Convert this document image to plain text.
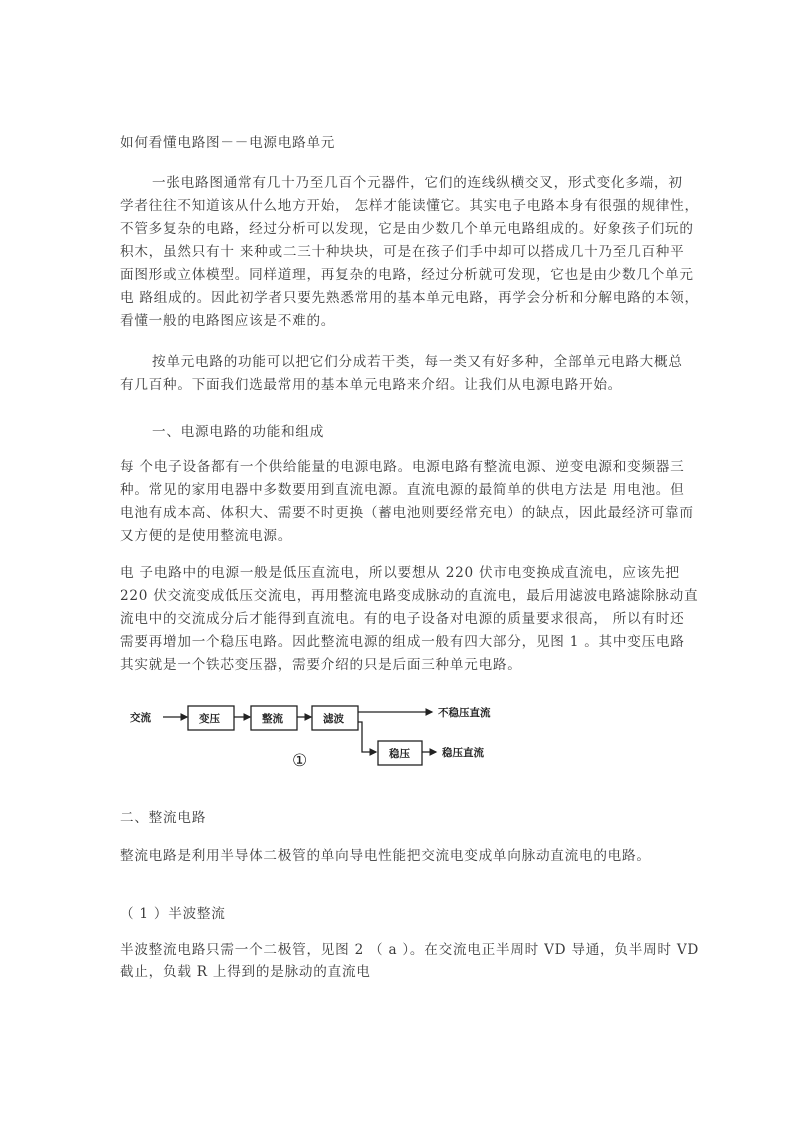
如何看懂电路图－－电源电路单元
一张电路图通常有几十乃至几百个元器件，它们的连线纵横交叉，形式变化多端，初
学者往往不知道该从什么地方开始， 怎样才能读懂它。其实电子电路本身有很强的规律性，
不管多复杂的电路，经过分析可以发现，它是由少数几个单元电路组成的。好象孩子们玩的
积木，虽然只有十 来种或二三十种块块，可是在孩子们手中却可以搭成几十乃至几百种平
面图形或立体模型。同样道理，再复杂的电路，经过分析就可发现，它也是由少数几个单元
电 路组成的。因此初学者只要先熟悉常用的基本单元电路，再学会分析和分解电路的本领，
看懂一般的电路图应该是不难的。
按单元电路的功能可以把它们分成若干类，每一类又有好多种，全部单元电路大概总
有几百种。下面我们选最常用的基本单元电路来介绍。让我们从电源电路开始。
一、电源电路的功能和组成
每 个电子设备都有一个供给能量的电源电路。电源电路有整流电源、逆变电源和变频器三
种。常见的家用电器中多数要用到直流电源。直流电源的最简单的供电方法是 用电池。但
电池有成本高、体积大、需要不时更换（蓄电池则要经常充电）的缺点，因此最经济可靠而
又方便的是使用整流电源。
电 子电路中的电源一般是低压直流电，所以要想从 220 伏市电变换成直流电，应该先把
220 伏交流变成低压交流电，再用整流电路变成脉动的直流电，最后用滤波电路滤除脉动直
流电中的交流成分后才能得到直流电。有的电子设备对电源的质量要求很高， 所以有时还
需要再增加一个稳压电路。因此整流电源的组成一般有四大部分，见图 1 。其中变压电路
其实就是一个铁芯变压器，需要介绍的只是后面三种单元电路。
交流	变压	整流	滤波
稳压
不稳压直流
稳压直流
①
二、整流电路
整流电路是利用半导体二极管的单向导电性能把交流电变成单向脉动直流电的电路。
（ 1 ）半波整流
半波整流电路只需一个二极管，见图 2 （ a ）。在交流电正半周时 VD 导通，负半周时 VD
截止，负载 R 上得到的是脉动的直流电
